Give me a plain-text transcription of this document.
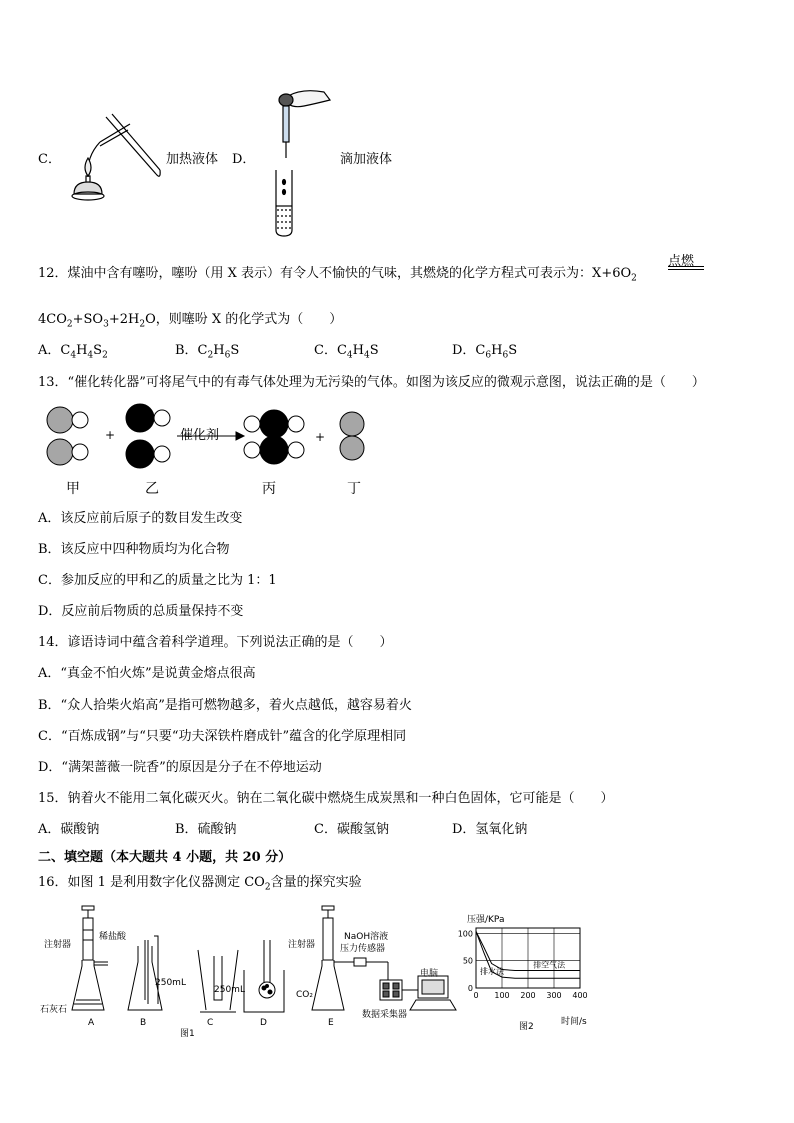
C．	加热液体 D．	滴加液体
12．煤油中含有噻吩，噻吩（用 X 表示）有令人不愉快的气味，其燃烧的化学方程式可表示为：$X+6O_2$
点燃
$4CO_2+SO_3+2H_2O$，则噻吩 X 的化学式为（　　）
A．$C_4H_4S_2$	B．$C_2H_6S$	C．$C_4H_4S$	D．$C_6H_6S$
13．“催化转化器”可将尾气中的有毒气体处理为无污染的气体。如图为该反应的微观示意图，说法正确的是（　　）
+	+
催化剂
甲	乙	丙	丁
A．该反应前后原子的数目发生改变
B．该反应中四种物质均为化合物
C．参加反应的甲和乙的质量之比为 1：1
D．反应前后物质的总质量保持不变
14．谚语诗词中蕴含着科学道理。下列说法正确的是（　　）
A．“真金不怕火炼”是说黄金熔点很高
B．“众人拾柴火焰高”是指可燃物越多，着火点越低，越容易着火
C．“百炼成钢”与“只要“功夫深铁杵磨成针”蕴含的化学原理相同
D．“满架蔷薇一院香”的原因是分子在不停地运动
15．钠着火不能用二氧化碳灭火。钠在二氧化碳中燃烧生成炭黑和一种白色固体，它可能是（　　）
A．碳酸钠	B．硫酸钠	C．碳酸氢钠	D．氢氧化钠
二、填空题（本大题共 4 小题，共 20 分）
16．如图 1 是利用数字化仪器测定 $CO_2$含量的探究实验
注射器
稀盐酸
石灰石
250mL
250mL
注射器
NaOH溶液
压力传感器
CO₂
电脑
数据采集器
A	B	C	D	E
图1
压强/KPa
100
50
0
0 100 200 300 400
排空气法
排水法
时间/s
图2
